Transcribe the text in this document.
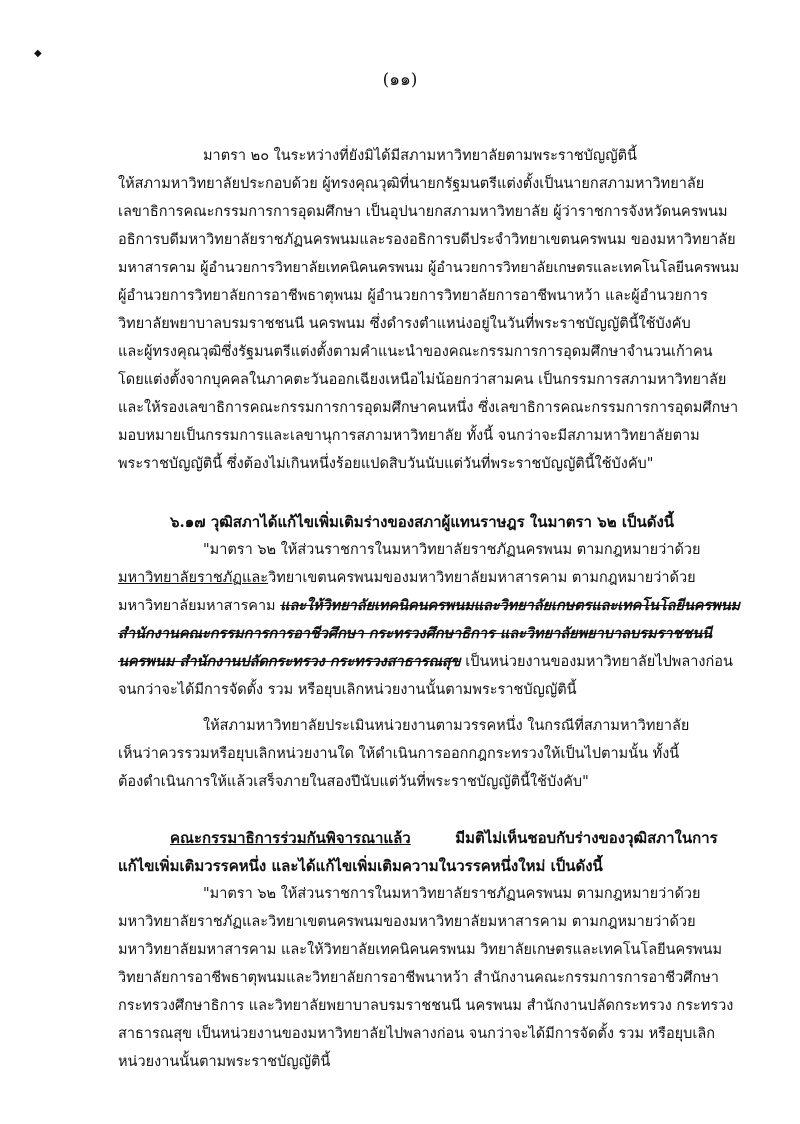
◆
(๑๑)
มาตรา ๒๐ ในระหว่างที่ยังมิได้มีสภามหาวิทยาลัยตามพระราชบัญญัตินี้
ให้สภามหาวิทยาลัยประกอบด้วย ผู้ทรงคุณวุฒิที่นายกรัฐมนตรีแต่งตั้งเป็นนายกสภามหาวิทยาลัย
เลขาธิการคณะกรรมการการอุดมศึกษา เป็นอุปนายกสภามหาวิทยาลัย ผู้ว่าราชการจังหวัดนครพนม
อธิการบดีมหาวิทยาลัยราชภัฏนครพนมและรองอธิการบดีประจำวิทยาเขตนครพนม ของมหาวิทยาลัย
มหาสารคาม ผู้อำนวยการวิทยาลัยเทคนิคนครพนม ผู้อำนวยการวิทยาลัยเกษตรและเทคโนโลยีนครพนม
ผู้อำนวยการวิทยาลัยการอาชีพธาตุพนม ผู้อำนวยการวิทยาลัยการอาชีพนาหว้า และผู้อำนวยการ
วิทยาลัยพยาบาลบรมราชชนนี นครพนม ซึ่งดำรงตำแหน่งอยู่ในวันที่พระราชบัญญัตินี้ใช้บังคับ
และผู้ทรงคุณวุฒิซึ่งรัฐมนตรีแต่งตั้งตามคำแนะนำของคณะกรรมการการอุดมศึกษาจำนวนเก้าคน
โดยแต่งตั้งจากบุคคลในภาคตะวันออกเฉียงเหนือไม่น้อยกว่าสามคน เป็นกรรมการสภามหาวิทยาลัย
และให้รองเลขาธิการคณะกรรมการการอุดมศึกษาคนหนึ่ง ซึ่งเลขาธิการคณะกรรมการการอุดมศึกษา
มอบหมายเป็นกรรมการและเลขานุการสภามหาวิทยาลัย ทั้งนี้ จนกว่าจะมีสภามหาวิทยาลัยตาม
พระราชบัญญัตินี้ ซึ่งต้องไม่เกินหนึ่งร้อยแปดสิบวันนับแต่วันที่พระราชบัญญัตินี้ใช้บังคับ"
๖.๑๗ วุฒิสภาได้แก้ไขเพิ่มเติมร่างของสภาผู้แทนราษฎร ในมาตรา ๖๒ เป็นดังนี้
"มาตรา ๖๒ ให้ส่วนราชการในมหาวิทยาลัยราชภัฏนครพนม ตามกฎหมายว่าด้วย
มหาวิทยาลัยราชภัฏและวิทยาเขตนครพนมของมหาวิทยาลัยมหาสารคาม ตามกฎหมายว่าด้วย
มหาวิทยาลัยมหาสารคาม และให้วิทยาลัยเทคนิคนครพนมและวิทยาลัยเกษตรและเทคโนโลยีนครพนม
สำนักงานคณะกรรมการการอาชีวศึกษา กระทรวงศึกษาธิการ และวิทยาลัยพยาบาลบรมราชชนนี
นครพนม สำนักงานปลัดกระทรวง กระทรวงสาธารณสุข เป็นหน่วยงานของมหาวิทยาลัยไปพลางก่อน
จนกว่าจะได้มีการจัดตั้ง รวม หรือยุบเลิกหน่วยงานนั้นตามพระราชบัญญัตินี้
ให้สภามหาวิทยาลัยประเมินหน่วยงานตามวรรคหนึ่ง ในกรณีที่สภามหาวิทยาลัย
เห็นว่าควรรวมหรือยุบเลิกหน่วยงานใด ให้ดำเนินการออกกฎกระทรวงให้เป็นไปตามนั้น ทั้งนี้
ต้องดำเนินการให้แล้วเสร็จภายในสองปีนับแต่วันที่พระราชบัญญัตินี้ใช้บังคับ"
คณะกรรมาธิการร่วมกันพิจารณาแล้ว	มีมติไม่เห็นชอบกับร่างของวุฒิสภาในการ
แก้ไขเพิ่มเติมวรรคหนึ่ง และได้แก้ไขเพิ่มเติมความในวรรคหนึ่งใหม่ เป็นดังนี้
"มาตรา ๖๒ ให้ส่วนราชการในมหาวิทยาลัยราชภัฏนครพนม ตามกฎหมายว่าด้วย
มหาวิทยาลัยราชภัฏและวิทยาเขตนครพนมของมหาวิทยาลัยมหาสารคาม ตามกฎหมายว่าด้วย
มหาวิทยาลัยมหาสารคาม และให้วิทยาลัยเทคนิคนครพนม วิทยาลัยเกษตรและเทคโนโลยีนครพนม
วิทยาลัยการอาชีพธาตุพนมและวิทยาลัยการอาชีพนาหว้า สำนักงานคณะกรรมการการอาชีวศึกษา
กระทรวงศึกษาธิการ และวิทยาลัยพยาบาลบรมราชชนนี นครพนม สำนักงานปลัดกระทรวง กระทรวง
สาธารณสุข เป็นหน่วยงานของมหาวิทยาลัยไปพลางก่อน จนกว่าจะได้มีการจัดตั้ง รวม หรือยุบเลิก
หน่วยงานนั้นตามพระราชบัญญัตินี้
